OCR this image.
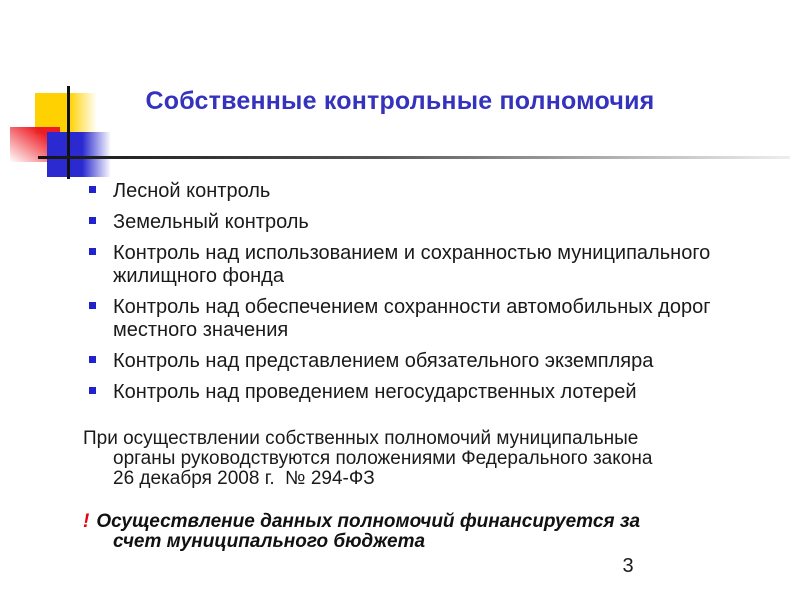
Собственные контрольные полномочия
Лесной контроль
Земельный контроль
Контроль над использованием и сохранностью муниципального
жилищного фонда
Контроль над обеспечением сохранности автомобильных дорог
местного значения
Контроль над представлением обязательного экземпляра
Контроль над проведением негосударственных лотерей
При осуществлении собственных полномочий муниципальные
органы руководствуются положениями Федерального закона
26 декабря 2008 г.  № 294-ФЗ
! Осуществление данных полномочий финансируется за
счет муниципального бюджета
3
